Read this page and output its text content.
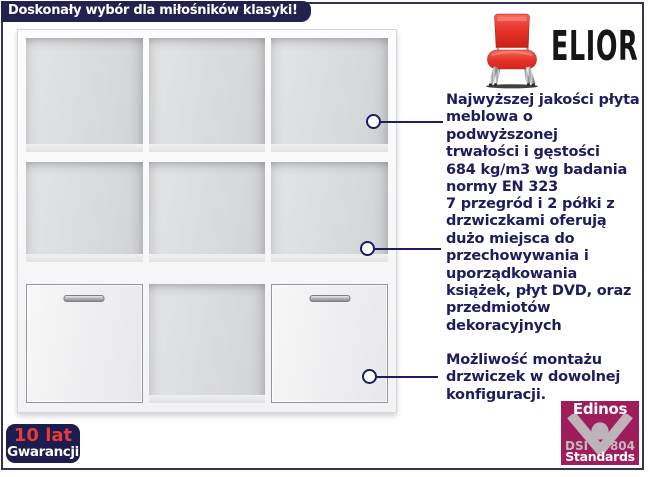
Doskonały wybór dla miłośników klasyki!
Najwyższej jakości płyta
meblowa o podwyższonej
trwałości i gęstości
684 kg/m3 wg badania
normy EN 323
7 przegród i 2 półki z
drzwiczkami oferują
dużo miejsca do
przechowywania i
uporządkowania
książek, płyt DVD, oraz
przedmiotów
dekoracyjnych
Możliwość montażu
drzwiczek w dowolnej
konfiguracji.
ELIOR
10 lat
Gwarancji
Edinos
DSI 804
Standards
